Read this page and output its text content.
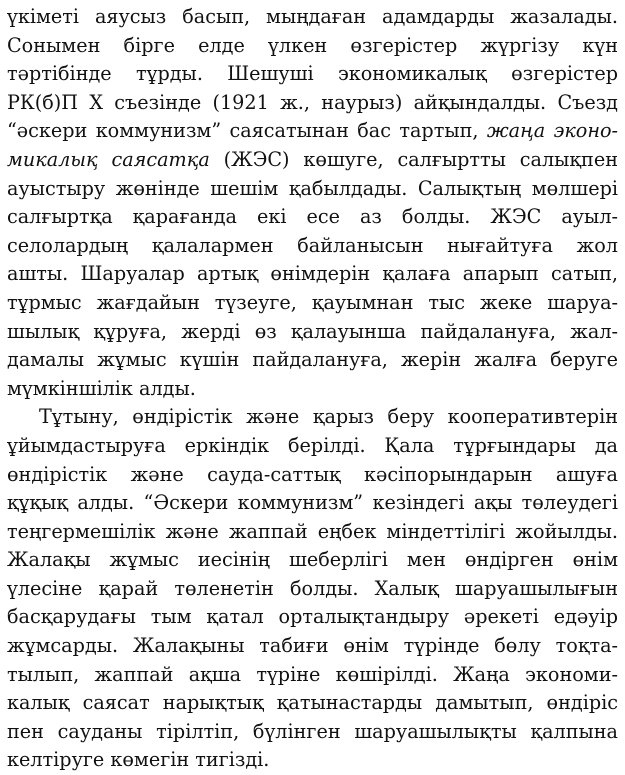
үкіметі аяусыз басып, мыңдаған адамдарды жазалады.
Сонымен бірге елде үлкен өзгерістер жүргізу күн
тәртібінде тұрды. Шешуші экономикалық өзгерістер
РК(б)П X съезінде (1921 ж., наурыз) айқындалды. Съезд
“әскери коммунизм” саясатынан бас тартып, жаңа эконо-
микалық саясатқа (ЖЭС) көшуге, салғыртты салықпен
ауыстыру жөнінде шешім қабылдады. Салықтың мөлшері
салғыртқа қарағанда екі есе аз болды. ЖЭС ауыл-
селолардың қалалармен байланысын нығайтуға жол
ашты. Шаруалар артық өнімдерін қалаға апарып сатып,
тұрмыс жағдайын түзеуге, қауымнан тыс жеке шаруа-
шылық құруға, жерді өз қалауынша пайдалануға, жал-
дамалы жұмыс күшін пайдалануға, жерін жалға беруге
мүмкіншілік алды.
Тұтыну, өндірістік және қарыз беру кооперативтерін
ұйымдастыруға еркіндік берілді. Қала тұрғындары да
өндірістік және сауда-саттық кәсіпорындарын ашуға
құқық алды. “Әскери коммунизм” кезіндегі ақы төлеудегі
теңгермешілік және жаппай еңбек міндеттілігі жойылды.
Жалақы жұмыс иесінің шеберлігі мен өндірген өнім
үлесіне қарай төленетін болды. Халық шаруашылығын
басқарудағы тым қатал орталықтандыру әрекеті едәуір
жұмсарды. Жалақыны табиғи өнім түрінде бөлу тоқта-
тылып, жаппай ақша түріне көшірілді. Жаңа экономи-
калық саясат нарықтық қатынастарды дамытып, өндіріс
пен сауданы тірілтіп, бүлінген шаруашылықты қалпына
келтіруге көмегін тигізді.
